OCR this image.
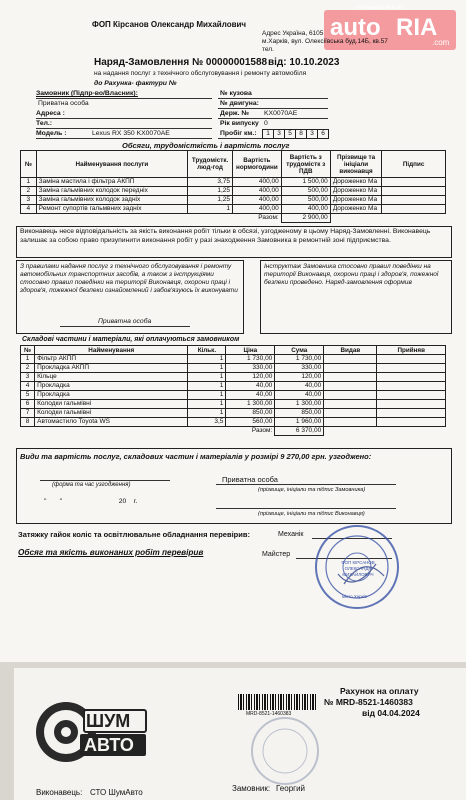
auto RIA
.com
Фотографии Auto.ria
ФОП Кірсанов Олександр Михайлович
Адрес Україна, 6105
м.Харків, вул. Олексіївська буд.14Б, кв.57
тел.
Наряд-Замовлення № 00000001588 від: 10.10.2023
на надання послуг з технічного обслуговування і ремонту автомобіля
до Рахунка- фактури №
Замовник (Підпр-во/Власник):
Приватна особа
Адреса :
Тел.:
Модель :	Lexus RX 350 KX0070AE
№ кузова
№ двигуна:
Держ. № KX0070AE
Рік випуску 0
Пробіг км.: 1	3	5	8	3	6
Обсяги, трудомісткість і вартість послуг
№	Найменування послуги	Трудомістк. люд-год	Вартість нормогодини	Вартість з трудомістк з ПДВ	Прізвище та ініціали виконавця	Підпис
1	Заміна мастила і фільтра АКПП	3,75	400,00	1 500,00	Дороженко Ма	
2	Заміна гальмівних колодок передніх	1,25	400,00	500,00	Дороженко Ма	
3	Заміна гальмівних колодок задніх	1,25	400,00	500,00	Дороженко Ма	
4	Ремонт супортів гальмвних задніх	1	400,00	400,00	Дороженко Ма	
Разом:				2 900,00		
Виконавець несе відповідальність за якість виконання робіт тільки в обсязі, узгодженому в цьому Наряд-Замовленні. Виконавець залишає за собою право призупинити виконання робіт у разі знаходження Замовника в ремонтній зоні підприємства.
З правилами надання послуг з технічного обслуговування і ремонту автомобільних транспортних засобів, а також з інструкціями стосовно правил поведінки на території Виконавця, охорони праці і здоров'я, пожежної безпеки ознайомлений і забов'язуюсь їх виконувати
Приватна особа
Інструктаж Замовника стосовно правил поведінки на території Виконавця, охорони праці і здоров'я, пожежної безпеки проведено. Наряд-замовлення оформив
Складові частини і матеріали, які оплачуються замовником
№	Найменування	Кільк.	Ціна	Сума	Видав	Прийняв
1	Фільтр АКПП	1	1 730,00	1 730,00		
2	Прокладка АКПП	1	330,00	330,00		
3	Кільце	1	120,00	120,00		
4	Прокладка	1	40,00	40,00		
5	Прокладка	1	40,00	40,00		
6	Колодки гальмівні	1	1 300,00	1 300,00		
7	Колодки гальмівні	1	850,00	850,00		
8	Автомастило Toyota WS	3,5	560,00	1 960,00		
Разом:				6 370,00		
Види та вартість послуг, складових частин і матеріалів у розмірі 9 270,00 грн. узгоджено:
(форма та час узгодження)
"       "                              20    г.
Приватна особа
(прізвище, ініціали та підпис Замовника)
(прізвище, ініціали та підпис Виконавця)
Затяжку гайок коліс та освітлювальне обладнання перевірив:	Механік
Обсяг та якість виконаних робіт перевірив	Майстер
ФОП КІРСАНОВ ОЛЕКСАНДР МИХАЙЛОВИЧ
місто Харків
ШУМ
АВТО
Рахунок на оплату
№ MRD-8521-1460383
від 04.04.2024
MRD-8521-1460383
Виконавець: СТО ШумАвто	Замовник: Георгий
